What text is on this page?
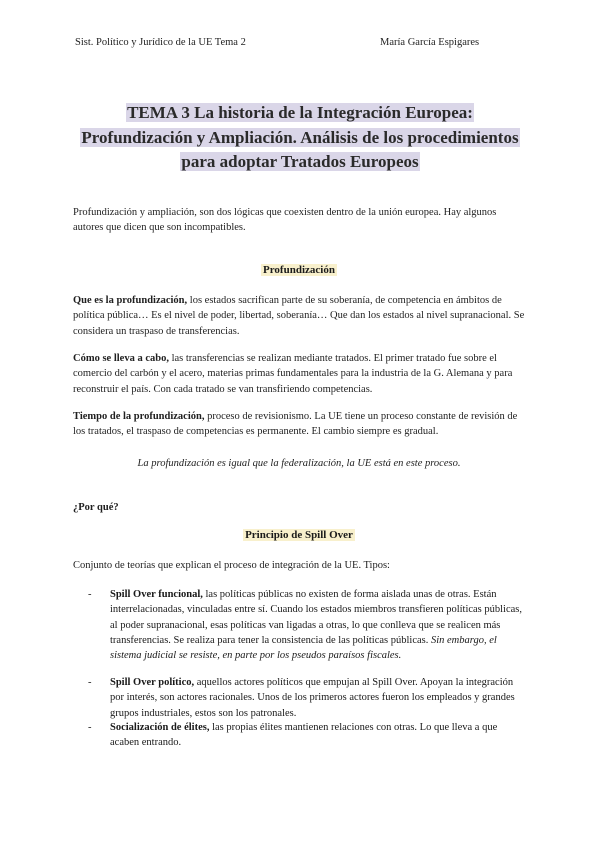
Sist. Político y Jurídico de la UE Tema 2	María García Espigares
TEMA 3 La historia de la Integración Europea:
Profundización y Ampliación. Análisis de los procedimientos
para adoptar Tratados Europeos
Profundización y ampliación, son dos lógicas que coexisten dentro de la unión europea. Hay algunos autores que dicen que son incompatibles.
Profundización
Que es la profundización, los estados sacrifican parte de su soberanía, de competencia en ámbitos de política pública… Es el nivel de poder, libertad, soberanía… Que dan los estados al nivel supranacional. Se considera un traspaso de transferencias.
Cómo se lleva a cabo, las transferencias se realizan mediante tratados. El primer tratado fue sobre el comercio del carbón y el acero, materias primas fundamentales para la industria de la G. Alemana y para reconstruir el país. Con cada tratado se van transfiriendo competencias.
Tiempo de la profundización, proceso de revisionismo. La UE tiene un proceso constante de revisión de los tratados, el traspaso de competencias es permanente. El cambio siempre es gradual.
La profundización es igual que la federalización, la UE está en este proceso.
¿Por qué?
Principio de Spill Over
Conjunto de teorías que explican el proceso de integración de la UE. Tipos:
- Spill Over funcional, las políticas públicas no existen de forma aislada unas de otras. Están interrelacionadas, vinculadas entre sí. Cuando los estados miembros transfieren políticas públicas, al poder supranacional, esas políticas van ligadas a otras, lo que conlleva que se realicen más transferencias. Se realiza para tener la consistencia de las políticas públicas. Sin embargo, el sistema judicial se resiste, en parte por los pseudos paraísos fiscales.
- Spill Over político, aquellos actores políticos que empujan al Spill Over. Apoyan la integración por interés, son actores racionales. Unos de los primeros actores fueron los empleados y grandes grupos industriales, estos son los patronales.
- Socialización de élites, las propias élites mantienen relaciones con otras. Lo que lleva a que acaben entrando.
